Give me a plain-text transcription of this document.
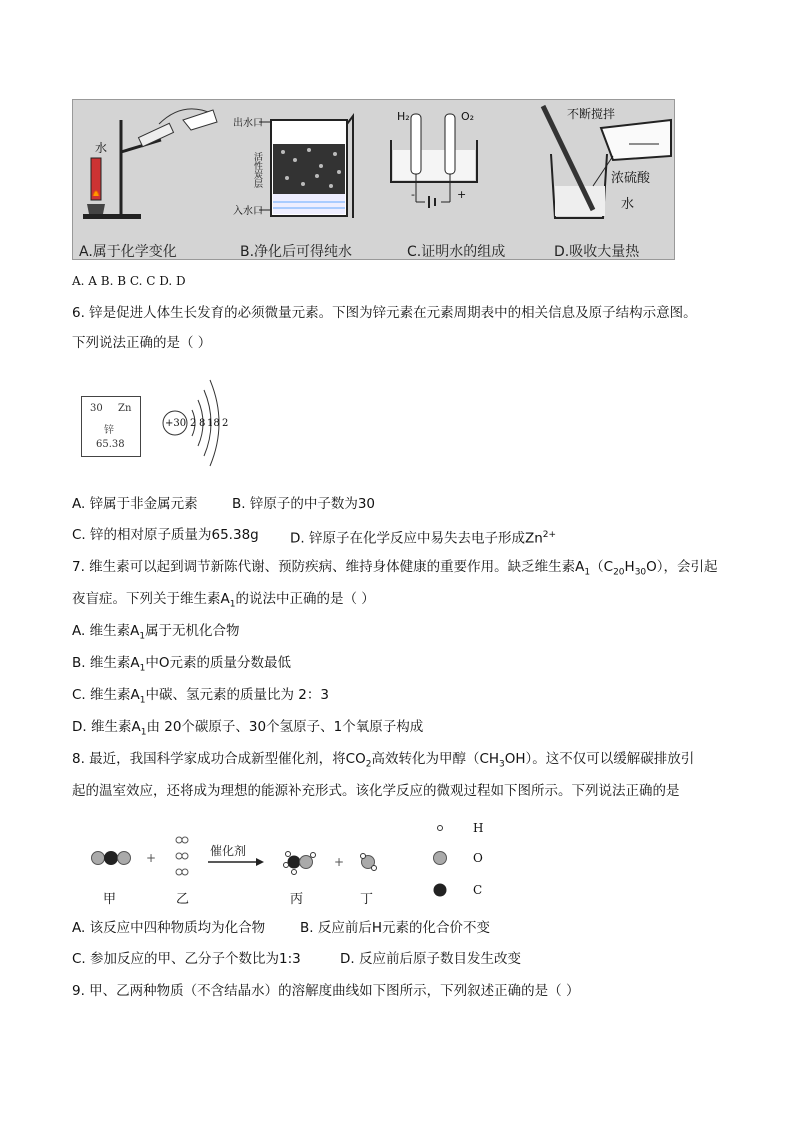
水
出水口
入水口
活性炭层
H₂	O₂
-	+
不断搅拌
浓硫酸
水
A.属于化学变化	B.净化后可得纯水	C.证明水的组成	D.吸收大量热
A. A B. B C. C D. D
6. 锌是促进人体生长发育的必须微量元素。下图为锌元素在元素周期表中的相关信息及原子结构示意图。
下列说法正确的是（ ）
30 Zn
锌
65.38
+30 2 8 18 2
A. 锌属于非金属元素	B. 锌原子的中子数为30
C. 锌的相对原子质量为65.38g D. 锌原子在化学反应中易失去电子形成$Zn^{2+}$
7. 维生素可以起到调节新陈代谢、预防疾病、维持身体健康的重要作用。缺乏维生素$A_1(C_{20}H_{30}O)$，会引起
夜盲症。下列关于维生素$A_1$的说法中正确的是（ ）
A. 维生素$A_1$属于无机化合物
B. 维生素$A_1$中O元素的质量分数最低
C. 维生素$A_1$中碳、氢元素的质量比为 2：3
D. 维生素$A_1$由 20个碳原子、30个氢原子、1个氧原子构成
8. 最近，我国科学家成功合成新型催化剂，将$CO_2$高效转化为甲醇$(CH_3OH)$。这不仅可以缓解碳排放引
起的温室效应，还将成为理想的能源补充形式。该化学反应的微观过程如下图所示。下列说法正确的是
+	催化剂
+
H
O
C
甲	乙	丙	丁
A. 该反应中四种物质均为化合物	B. 反应前后H元素的化合价不变
C. 参加反应的甲、乙分子个数比为1:3	D. 反应前后原子数目发生改变
9. 甲、乙两种物质（不含结晶水）的溶解度曲线如下图所示，下列叙述正确的是（ ）
